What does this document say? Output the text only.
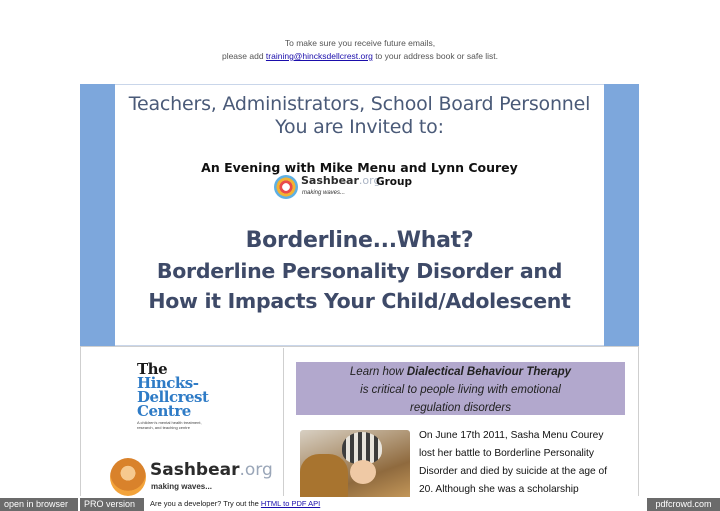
To make sure you receive future emails,
please add training@hincksdellcrest.org to your address book or safe list.
Teachers, Administrators, School Board Personnel
You are Invited to:
An Evening with Mike Menu and Lynn Courey
Sashbear.org
making waves...
Group
Borderline...What?
Borderline Personality Disorder and
How it Impacts Your Child/Adolescent
The
Hincks-
Dellcrest
Centre
A children's mental health treatment, research, and teaching centre
Sashbear.org
making waves...
Learn how Dialectical Behaviour Therapy
is critical to people living with emotional
regulation disorders
On June 17th 2011, Sasha Menu Courey
lost her battle to Borderline Personality
Disorder and died by suicide at the age of
20. Although she was a scholarship
open in browser	PRO version	Are you a developer? Try out the HTML to PDF API	pdfcrowd.com
